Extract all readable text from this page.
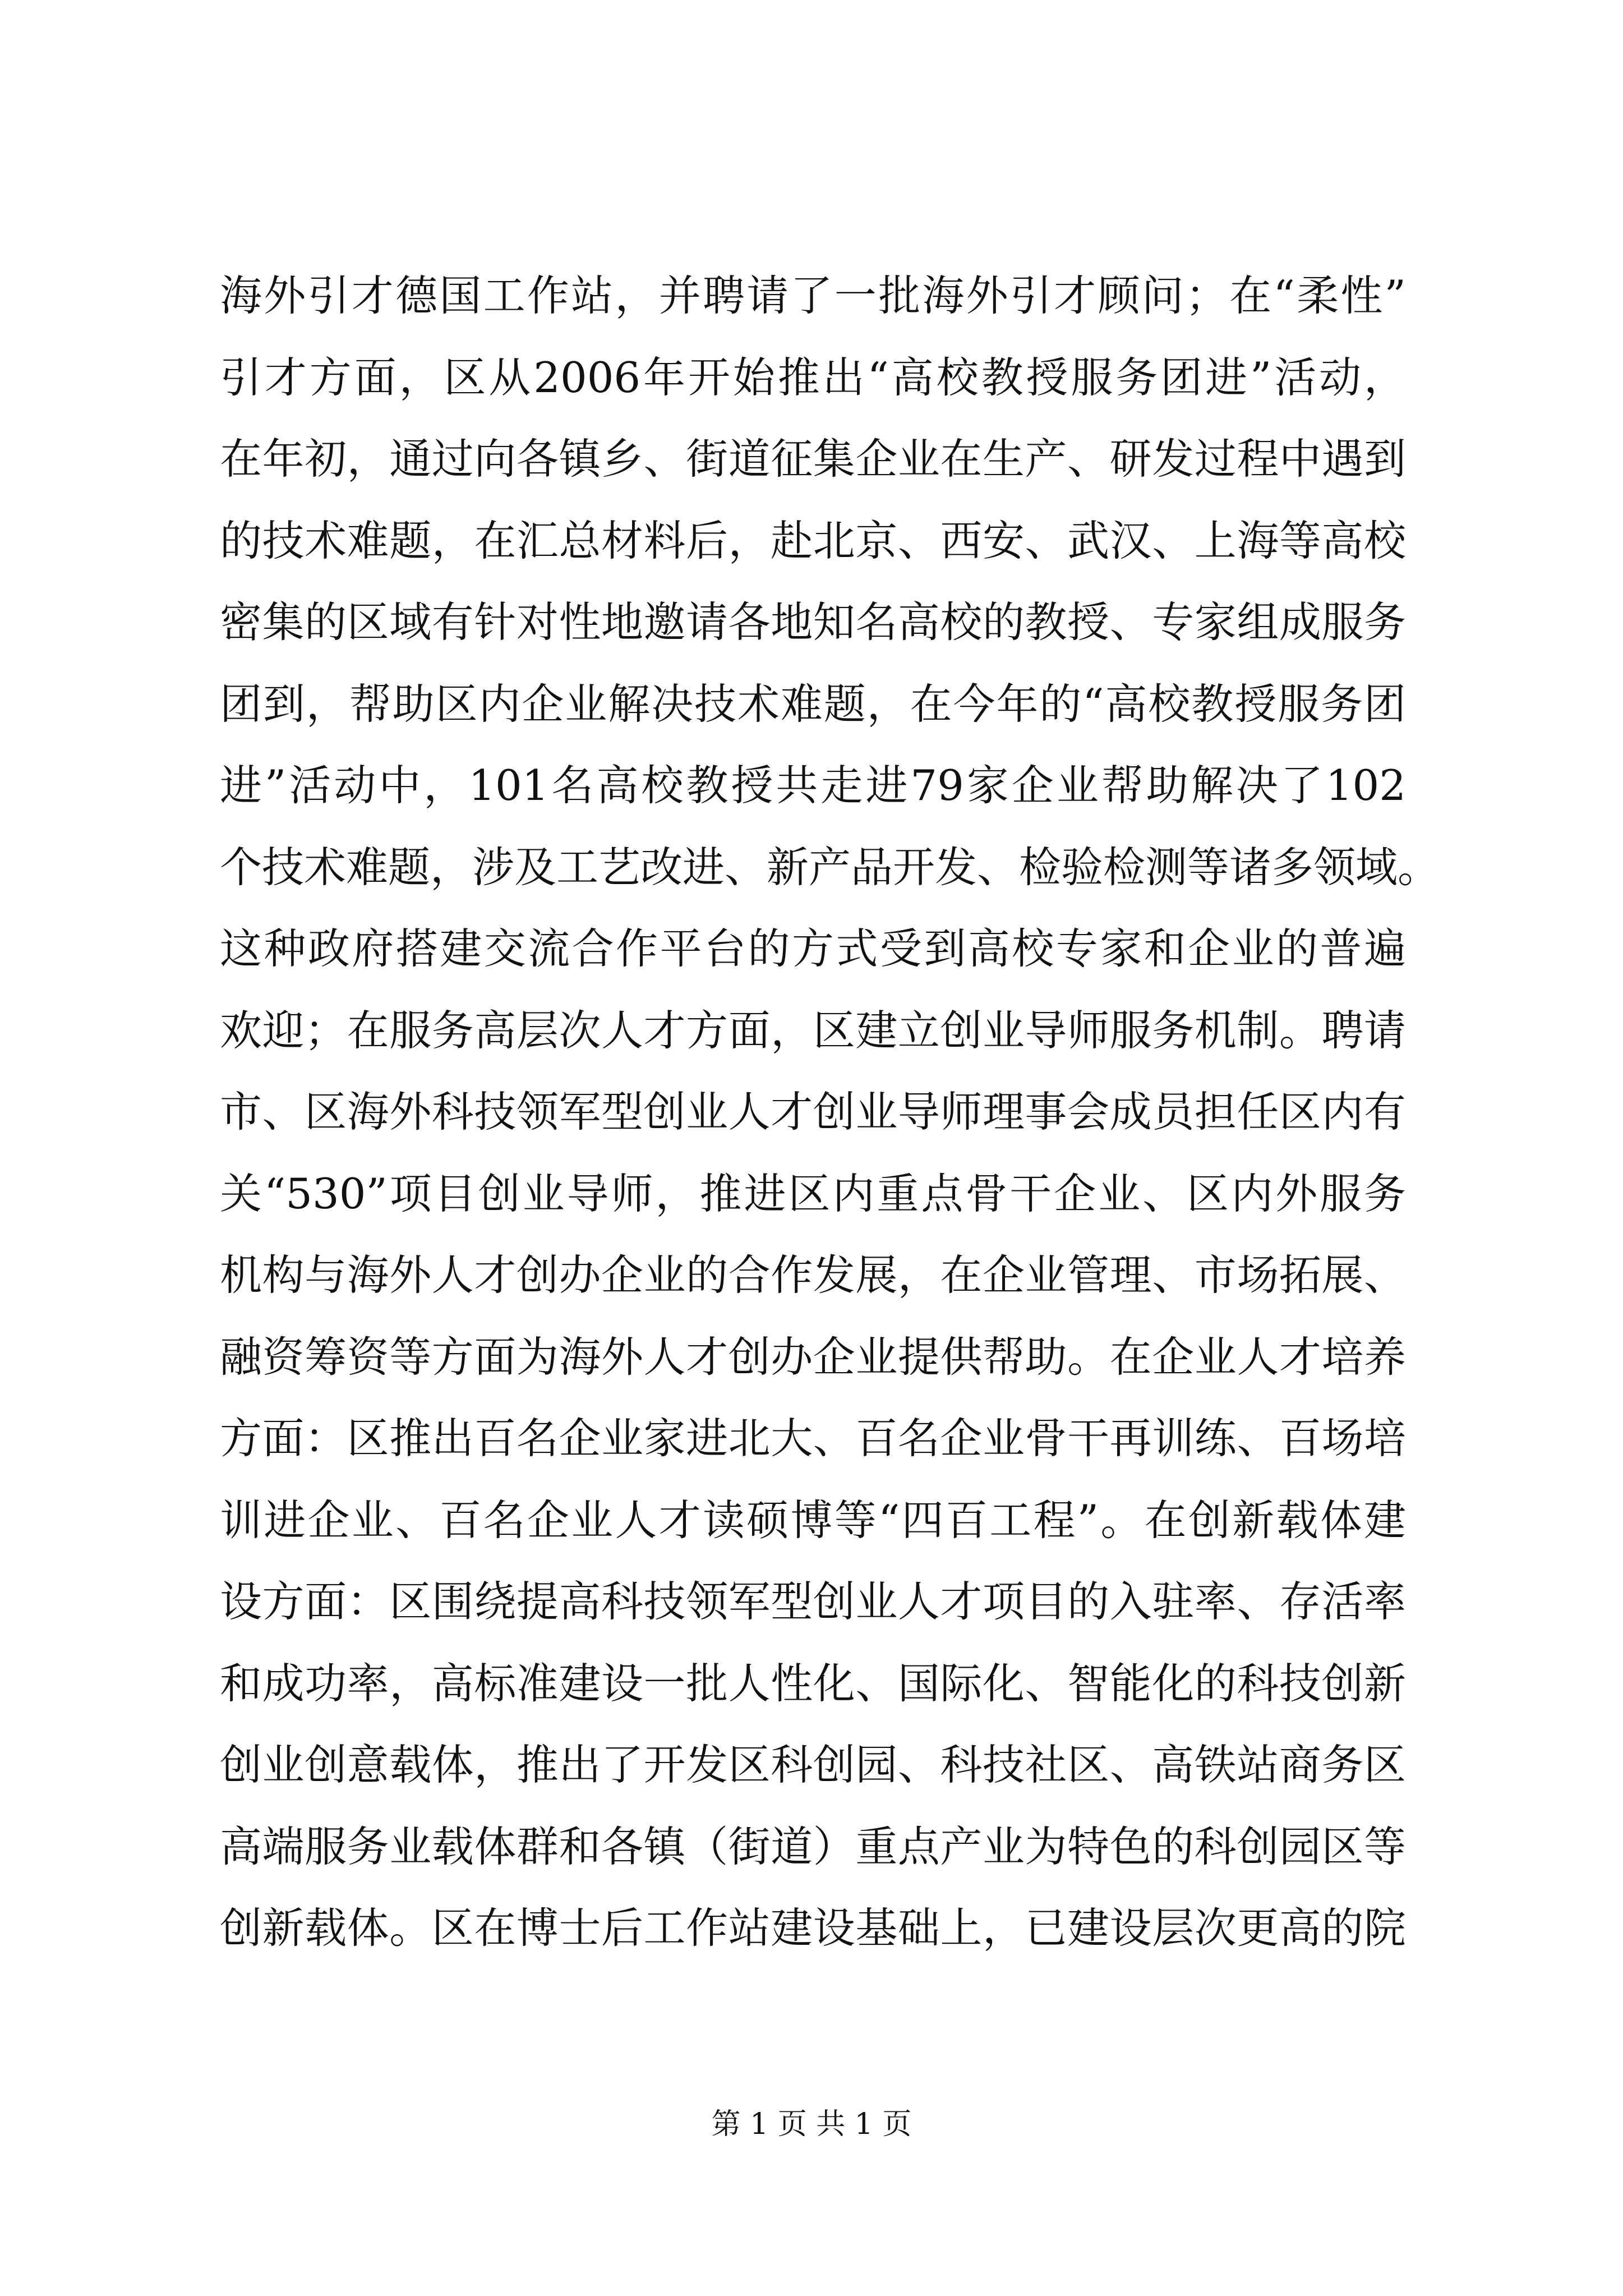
海外引才德国工作站，并聘请了一批海外引才顾问；在“柔性”
引才方面，区从2006年开始推出“高校教授服务团进”活动，
在年初，通过向各镇乡、街道征集企业在生产、研发过程中遇到
的技术难题，在汇总材料后，赴北京、西安、武汉、上海等高校
密集的区域有针对性地邀请各地知名高校的教授、专家组成服务
团到，帮助区内企业解决技术难题，在今年的“高校教授服务团
进”活动中，101名高校教授共走进79家企业帮助解决了102
个技术难题，涉及工艺改进、新产品开发、检验检测等诸多领域。
这种政府搭建交流合作平台的方式受到高校专家和企业的普遍
欢迎；在服务高层次人才方面，区建立创业导师服务机制。聘请
市、区海外科技领军型创业人才创业导师理事会成员担任区内有
关“530”项目创业导师，推进区内重点骨干企业、区内外服务
机构与海外人才创办企业的合作发展，在企业管理、市场拓展、
融资筹资等方面为海外人才创办企业提供帮助。在企业人才培养
方面：区推出百名企业家进北大、百名企业骨干再训练、百场培
训进企业、百名企业人才读硕博等“四百工程”。在创新载体建
设方面：区围绕提高科技领军型创业人才项目的入驻率、存活率
和成功率，高标准建设一批人性化、国际化、智能化的科技创新
创业创意载体，推出了开发区科创园、科技社区、高铁站商务区
高端服务业载体群和各镇（街道）重点产业为特色的科创园区等
创新载体。区在博士后工作站建设基础上，已建设层次更高的院
第 1 页 共 1 页
